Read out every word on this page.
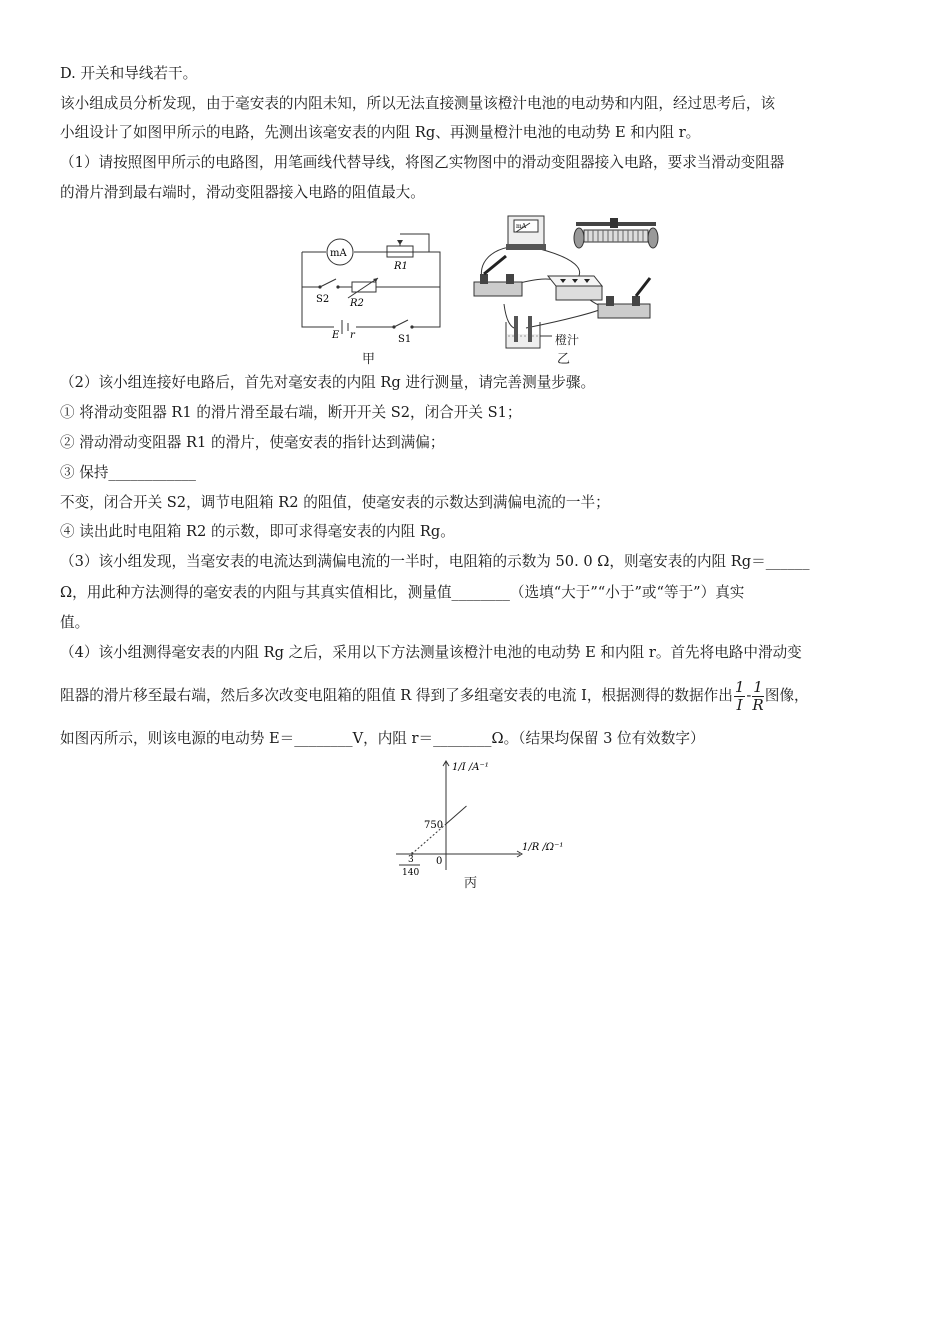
D. 开关和导线若干。
该小组成员分析发现，由于毫安表的内阻未知，所以无法直接测量该橙汁电池的电动势和内阻，经过思考后，该
小组设计了如图甲所示的电路，先测出该毫安表的内阻 Rg、再测量橙汁电池的电动势 E 和内阻 r。
（1）请按照图甲所示的电路图，用笔画线代替导线，将图乙实物图中的滑动变阻器接入电路，要求当滑动变阻器
的滑片滑到最右端时，滑动变阻器接入电路的阻值最大。
mA
R1
R2
S2
S1
E r
甲
mA
橙汁
乙
（2）该小组连接好电路后，首先对毫安表的内阻 Rg 进行测量，请完善测量步骤。
① 将滑动变阻器 R1 的滑片滑至最右端，断开开关 S2，闭合开关 S1；
② 滑动滑动变阻器 R1 的滑片，使毫安表的指针达到满偏；
③ 保持____________
不变，闭合开关 S2，调节电阻箱 R2 的阻值，使毫安表的示数达到满偏电流的一半；
④ 读出此时电阻箱 R2 的示数，即可求得毫安表的内阻 Rg。
（3）该小组发现，当毫安表的电流达到满偏电流的一半时，电阻箱的示数为 50. 0 Ω，则毫安表的内阻 Rg＝______
Ω，用此种方法测得的毫安表的内阻与其真实值相比，测量值________（选填“大于”“小于”或“等于”）真实
值。
（4）该小组测得毫安表的内阻 Rg 之后，采用以下方法测量该橙汁电池的电动势 E 和内阻 r。首先将电路中滑动变
阻器的滑片移至最右端，然后多次改变电阻箱的阻值 R 得到了多组毫安表的电流 I，根据测得的数据作出 $\frac{1}{I} - \frac{1}{R}$ 图像，
如图丙所示，则该电源的电动势 E＝________V，内阻 r＝________Ω。（结果均保留 3 位有效数字）
750
0
3
140
1/I /A⁻¹
1/R /Ω⁻¹
丙
